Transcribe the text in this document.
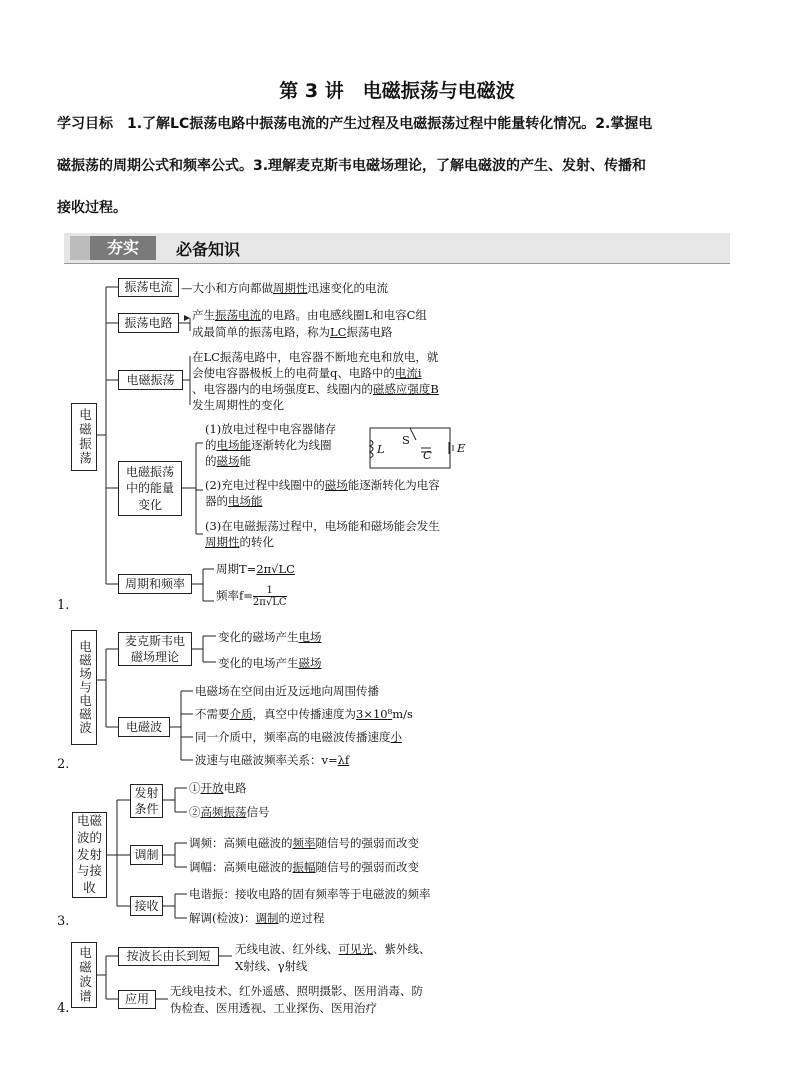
第 3 讲　电磁振荡与电磁波
学习目标　1.了解LC振荡电路中振荡电流的产生过程及电磁振荡过程中能量转化情况。2.掌握电
磁振荡的周期公式和频率公式。3.理解麦克斯韦电磁场理论，了解电磁波的产生、发射、传播和
接收过程。
夯实	必备知识
电磁振荡
振荡电流
振荡电路
电磁振荡
电磁振荡中的能量变化
周期和频率
—大小和方向都做周期性迅速变化的电流
产生振荡电流的电路。由电感线圈L和电容C组
成最简单的振荡电路，称为LC振荡电路
在LC振荡电路中，电容器不断地充电和放电，就
会使电容器极板上的电荷量q、电路中的电流i
、电容器内的电场强度E、线圈内的磁感应强度B
发生周期性的变化
(1)放电过程中电容器储存
的电场能逐渐转化为线圈
的磁场能
(2)充电过程中线圈中的磁场能逐渐转化为电容
器的电场能
(3)在电磁振荡过程中，电场能和磁场能会发生
周期性的转化
L
S
C E
周期T=2π√LC
频率$f= \frac{1}{2\pi√LC}$
1.
电磁场与电磁波	麦克斯韦电磁场理论
电磁波
变化的磁场产生电场
变化的电场产生磁场
电磁场在空间由近及远地向周围传播
不需要介质，真空中传播速度为3×10⁸m/s
同一介质中，频率高的电磁波传播速度小
波速与电磁波频率关系：v=λf
2.
电磁波的发射与接收
发射条件
调制
接收
①开放电路
②高频振荡信号
调频：高频电磁波的频率随信号的强弱而改变
调幅：高频电磁波的振幅随信号的强弱而改变
电谐振：接收电路的固有频率等于电磁波的频率
解调(检波)：调制的逆过程
3.
电磁波谱	按波长由长到短
应用
无线电波、红外线、可见光、紫外线、
X射线、γ射线
无线电技术、红外遥感、照明摄影、医用消毒、防
伪检查、医用透视、工业探伤、医用治疗
4.
